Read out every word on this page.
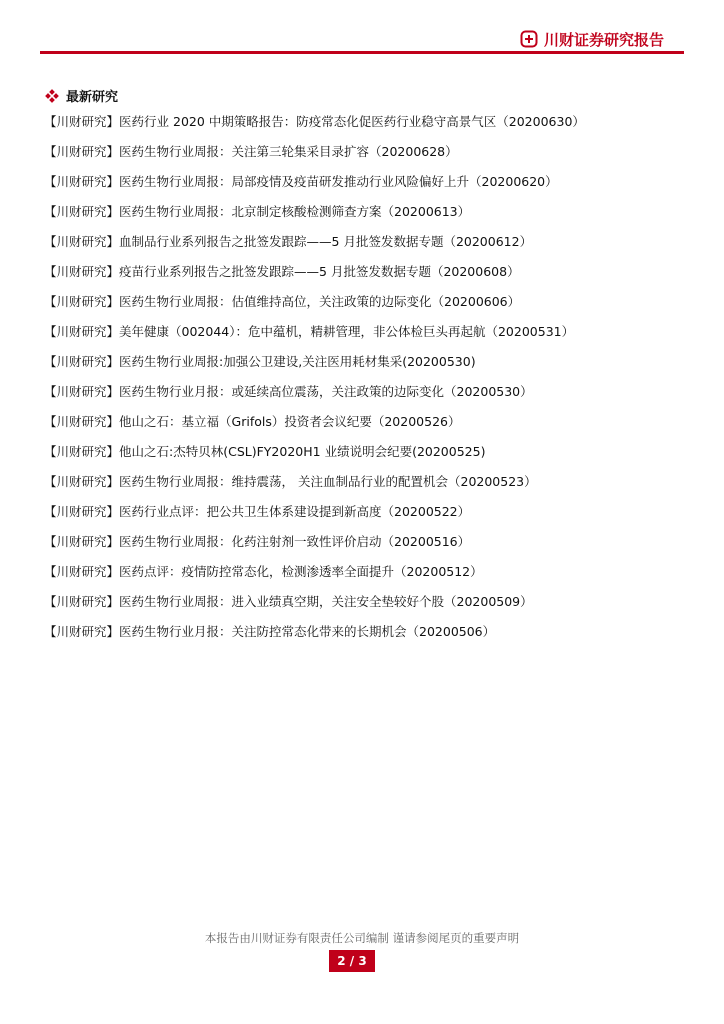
川财证券研究报告
最新研究
【川财研究】医药行业 2020 中期策略报告：防疫常态化促医药行业稳守高景气区（20200630）
【川财研究】医药生物行业周报：关注第三轮集采目录扩容（20200628）
【川财研究】医药生物行业周报：局部疫情及疫苗研发推动行业风险偏好上升（20200620）
【川财研究】医药生物行业周报：北京制定核酸检测筛查方案（20200613）
【川财研究】血制品行业系列报告之批签发跟踪——5 月批签发数据专题（20200612）
【川财研究】疫苗行业系列报告之批签发跟踪——5 月批签发数据专题（20200608）
【川财研究】医药生物行业周报：估值维持高位，关注政策的边际变化（20200606）
【川财研究】美年健康（002044）：危中蕴机，精耕管理，非公体检巨头再起航（20200531）
【川财研究】医药生物行业周报:加强公卫建设,关注医用耗材集采(20200530)
【川财研究】医药生物行业月报：或延续高位震荡，关注政策的边际变化（20200530）
【川财研究】他山之石：基立福（Grifols）投资者会议纪要（20200526）
【川财研究】他山之石:杰特贝林(CSL)FY2020H1 业绩说明会纪要(20200525)
【川财研究】医药生物行业周报：维持震荡， 关注血制品行业的配置机会（20200523）
【川财研究】医药行业点评：把公共卫生体系建设提到新高度（20200522）
【川财研究】医药生物行业周报：化药注射剂一致性评价启动（20200516）
【川财研究】医药点评：疫情防控常态化，检测渗透率全面提升（20200512）
【川财研究】医药生物行业周报：进入业绩真空期，关注安全垫较好个股（20200509）
【川财研究】医药生物行业月报：关注防控常态化带来的长期机会（20200506）
本报告由川财证券有限责任公司编制 谨请参阅尾页的重要声明
2 / 3
